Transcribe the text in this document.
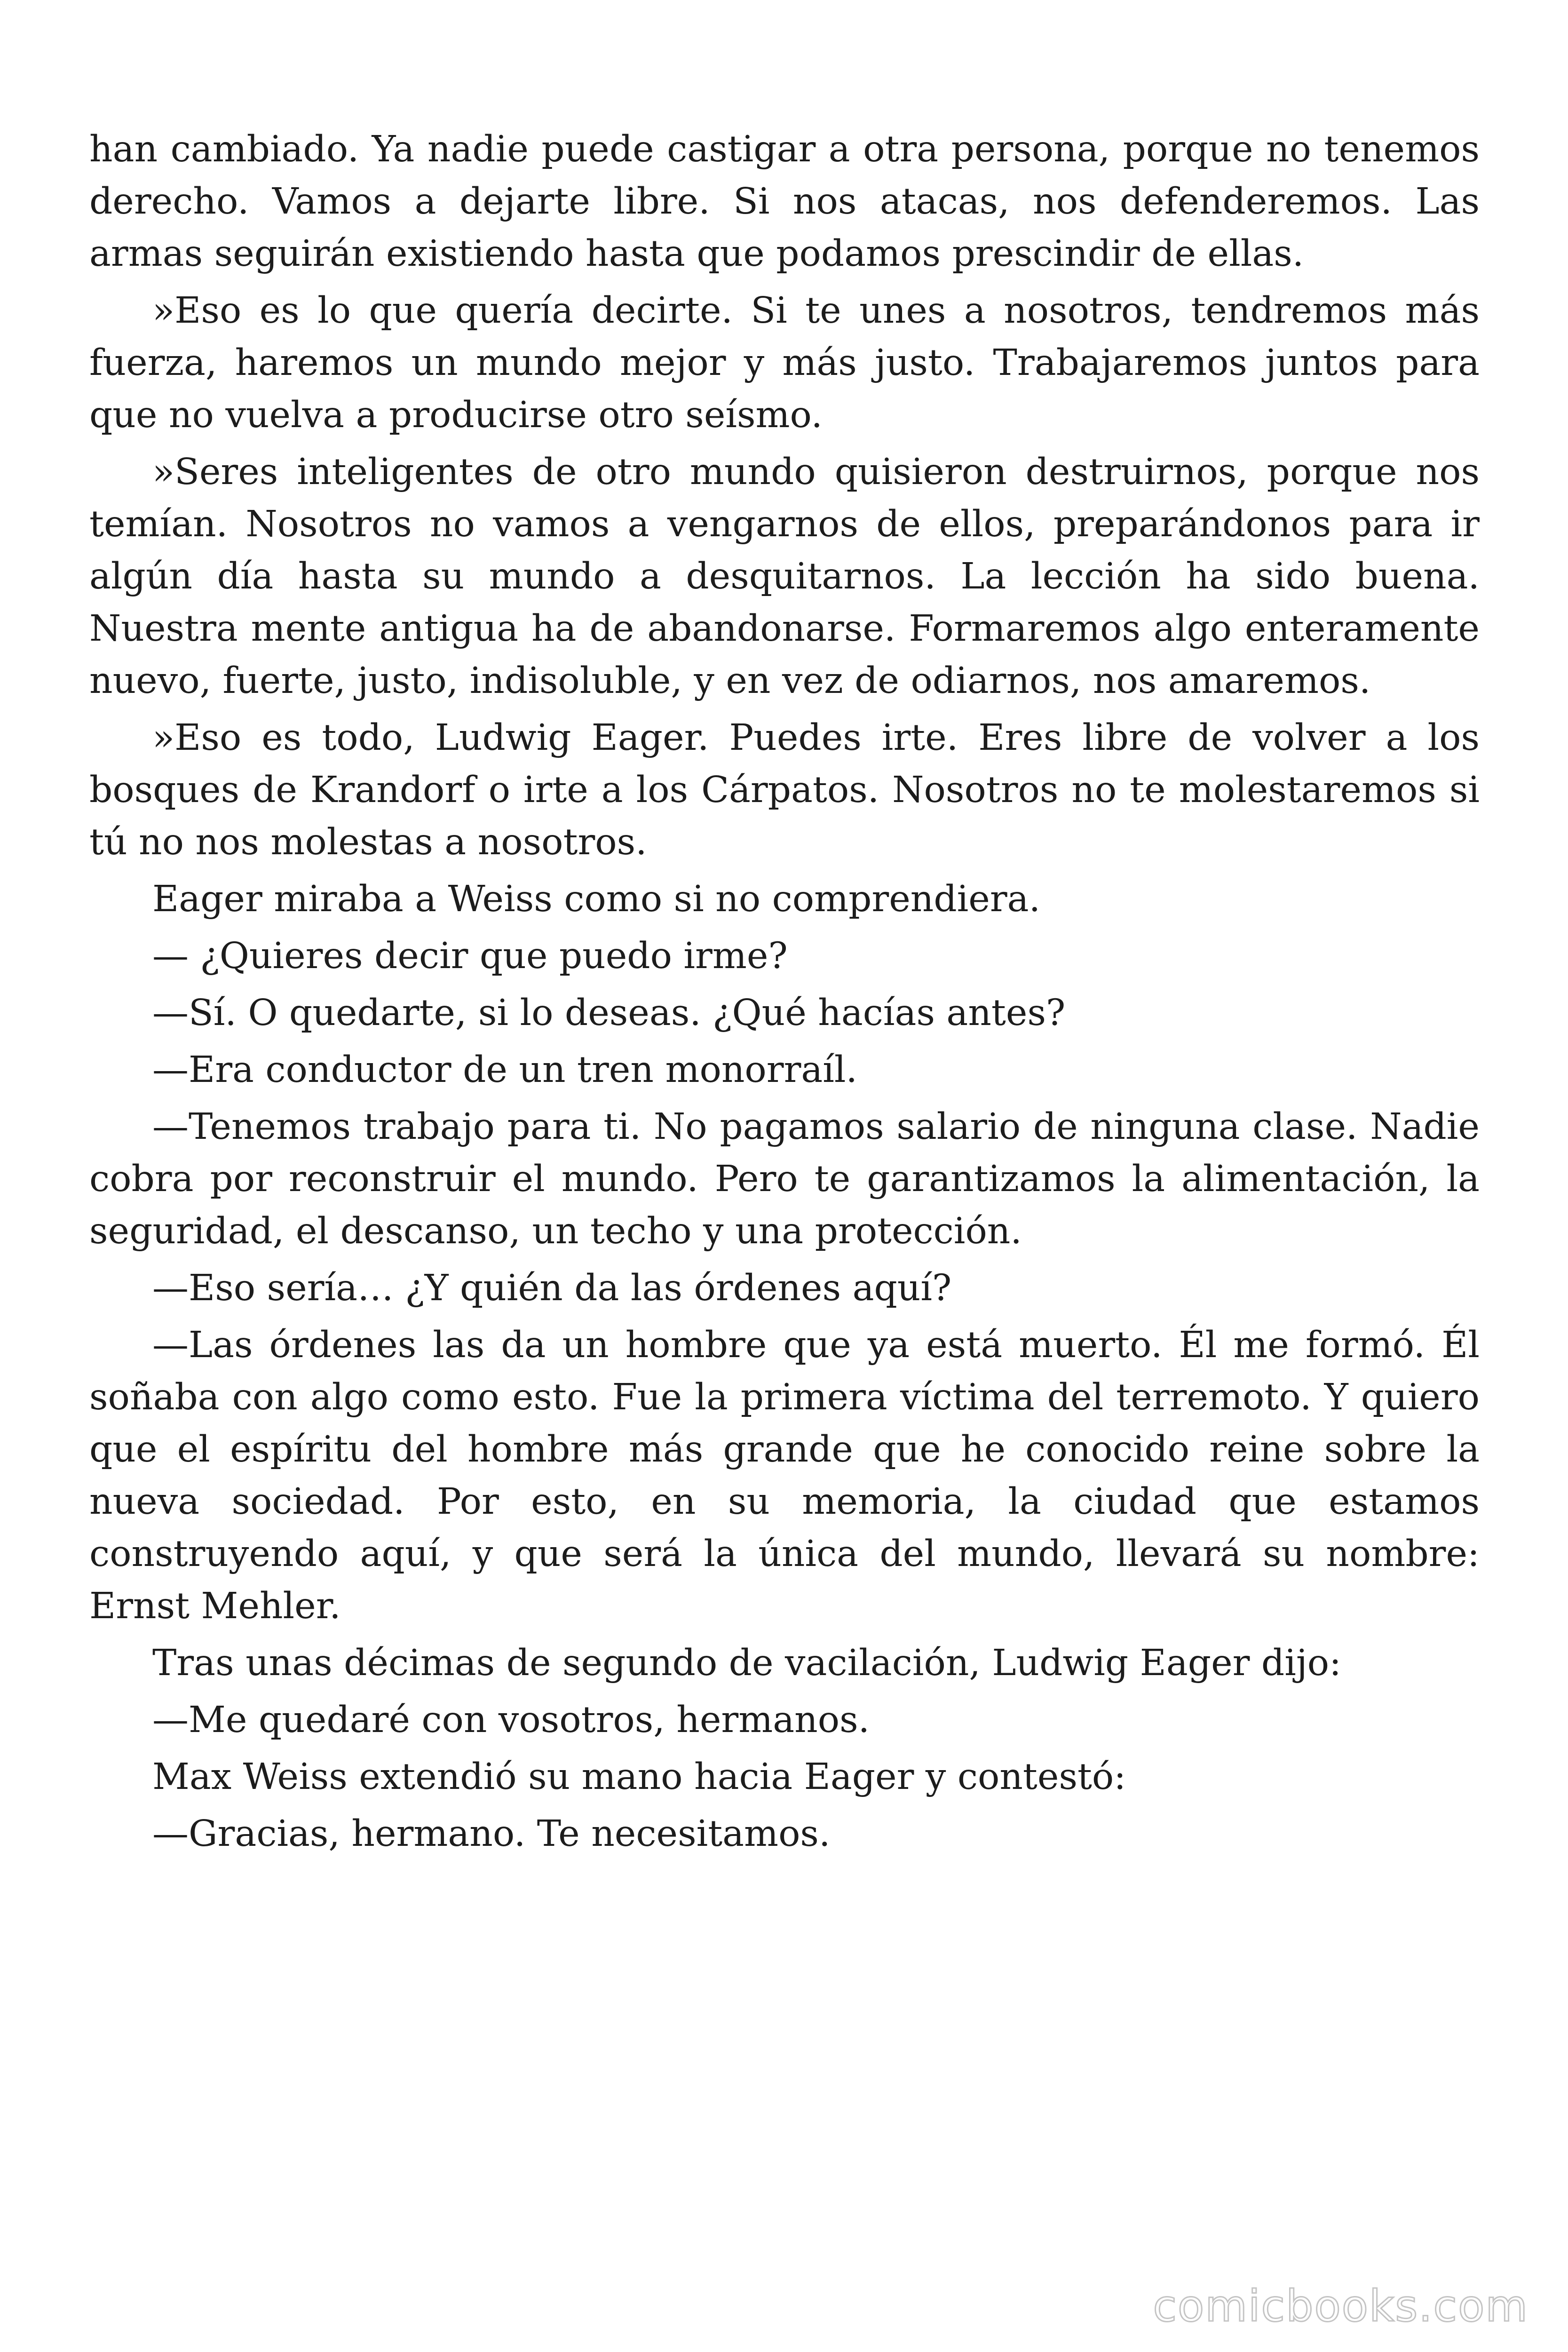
han cambiado. Ya nadie puede castigar a otra persona, porque no tenemos derecho. Vamos a dejarte libre. Si nos atacas, nos defenderemos. Las armas seguirán existiendo hasta que podamos prescindir de ellas.

»Eso es lo que quería decirte. Si te unes a nosotros, tendremos más fuerza, haremos un mundo mejor y más justo. Trabajaremos juntos para que no vuelva a producirse otro seísmo.

»Seres inteligentes de otro mundo quisieron destruirnos, porque nos temían. Nosotros no vamos a vengarnos de ellos, preparándonos para ir algún día hasta su mundo a desquitarnos. La lección ha sido buena. Nuestra mente antigua ha de abandonarse. Formaremos algo enteramente nuevo, fuerte, justo, indisoluble, y en vez de odiarnos, nos amaremos.

»Eso es todo, Ludwig Eager. Puedes irte. Eres libre de volver a los bosques de Krandorf o irte a los Cárpatos. Nosotros no te molestaremos si tú no nos molestas a nosotros.

Eager miraba a Weiss como si no comprendiera.

— ¿Quieres decir que puedo irme?

—Sí. O quedarte, si lo deseas. ¿Qué hacías antes?

—Era conductor de un tren monorraíl.

—Tenemos trabajo para ti. No pagamos salario de ninguna clase. Nadie cobra por reconstruir el mundo. Pero te garantizamos la alimentación, la seguridad, el descanso, un techo y una protección.

—Eso sería… ¿Y quién da las órdenes aquí?

—Las órdenes las da un hombre que ya está muerto. Él me formó. Él soñaba con algo como esto. Fue la primera víctima del terremoto. Y quiero que el espíritu del hombre más grande que he conocido reine sobre la nueva sociedad. Por esto, en su memoria, la ciudad que estamos construyendo aquí, y que será la única del mundo, llevará su nombre: Ernst Mehler.

Tras unas décimas de segundo de vacilación, Ludwig Eager dijo:

—Me quedaré con vosotros, hermanos.

Max Weiss extendió su mano hacia Eager y contestó:

—Gracias, hermano. Te necesitamos.

comicbooks.com
